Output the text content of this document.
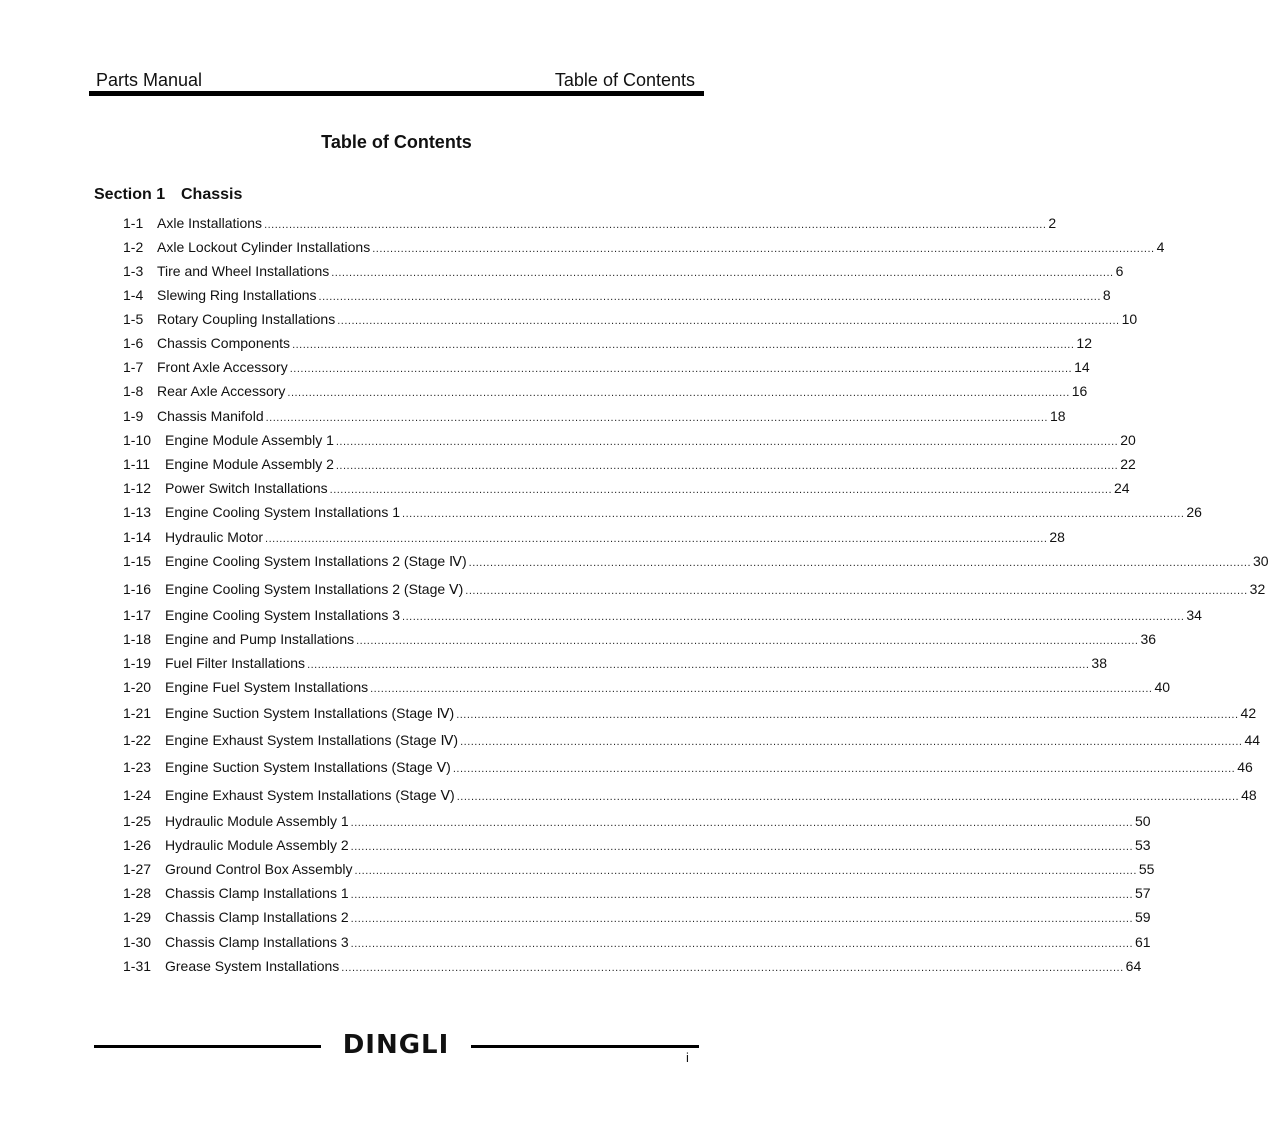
Parts Manual	Table of Contents
Table of Contents
Section 1 Chassis
1-1 Axle Installations ............................................................................................................................................................................................................................ 2
1-2 Axle Lockout Cylinder Installations ............................................................................................................................................................................................................................ 4
1-3 Tire and Wheel Installations ............................................................................................................................................................................................................................ 6
1-4 Slewing Ring Installations ............................................................................................................................................................................................................................ 8
1-5 Rotary Coupling Installations ............................................................................................................................................................................................................................ 10
1-6 Chassis Components ............................................................................................................................................................................................................................ 12
1-7 Front Axle Accessory ............................................................................................................................................................................................................................ 14
1-8 Rear Axle Accessory ............................................................................................................................................................................................................................ 16
1-9 Chassis Manifold ............................................................................................................................................................................................................................ 18
1-10 Engine Module Assembly 1 ............................................................................................................................................................................................................................ 20
1-11	Engine Module Assembly 2 ............................................................................................................................................................................................................................ 22
1-12 Power Switch Installations ............................................................................................................................................................................................................................ 24
1-13 Engine Cooling System Installations 1 ............................................................................................................................................................................................................................ 26
1-14 Hydraulic Motor ............................................................................................................................................................................................................................ 28
1-15 Engine Cooling System Installations 2 (Stage Ⅳ) ............................................................................................................................................................................................................................ 30
1-16 Engine Cooling System Installations 2 (Stage Ⅴ) ............................................................................................................................................................................................................................ 32
1-17 Engine Cooling System Installations 3 ............................................................................................................................................................................................................................ 34
1-18 Engine and Pump Installations ............................................................................................................................................................................................................................ 36
1-19 Fuel Filter Installations ............................................................................................................................................................................................................................ 38
1-20 Engine Fuel System Installations ............................................................................................................................................................................................................................ 40
1-21 Engine Suction System Installations (Stage Ⅳ) ............................................................................................................................................................................................................................ 42
1-22 Engine Exhaust System Installations (Stage Ⅳ) ............................................................................................................................................................................................................................ 44
1-23 Engine Suction System Installations (Stage Ⅴ) ............................................................................................................................................................................................................................ 46
1-24 Engine Exhaust System Installations (Stage Ⅴ) ............................................................................................................................................................................................................................ 48
1-25 Hydraulic Module Assembly 1 ............................................................................................................................................................................................................................ 50
1-26 Hydraulic Module Assembly 2 ............................................................................................................................................................................................................................ 53
1-27 Ground Control Box Assembly ............................................................................................................................................................................................................................ 55
1-28 Chassis Clamp Installations 1 ............................................................................................................................................................................................................................ 57
1-29 Chassis Clamp Installations 2 ............................................................................................................................................................................................................................ 59
1-30 Chassis Clamp Installations 3 ............................................................................................................................................................................................................................ 61
1-31 Grease System Installations ............................................................................................................................................................................................................................ 64
DINGLI	i
